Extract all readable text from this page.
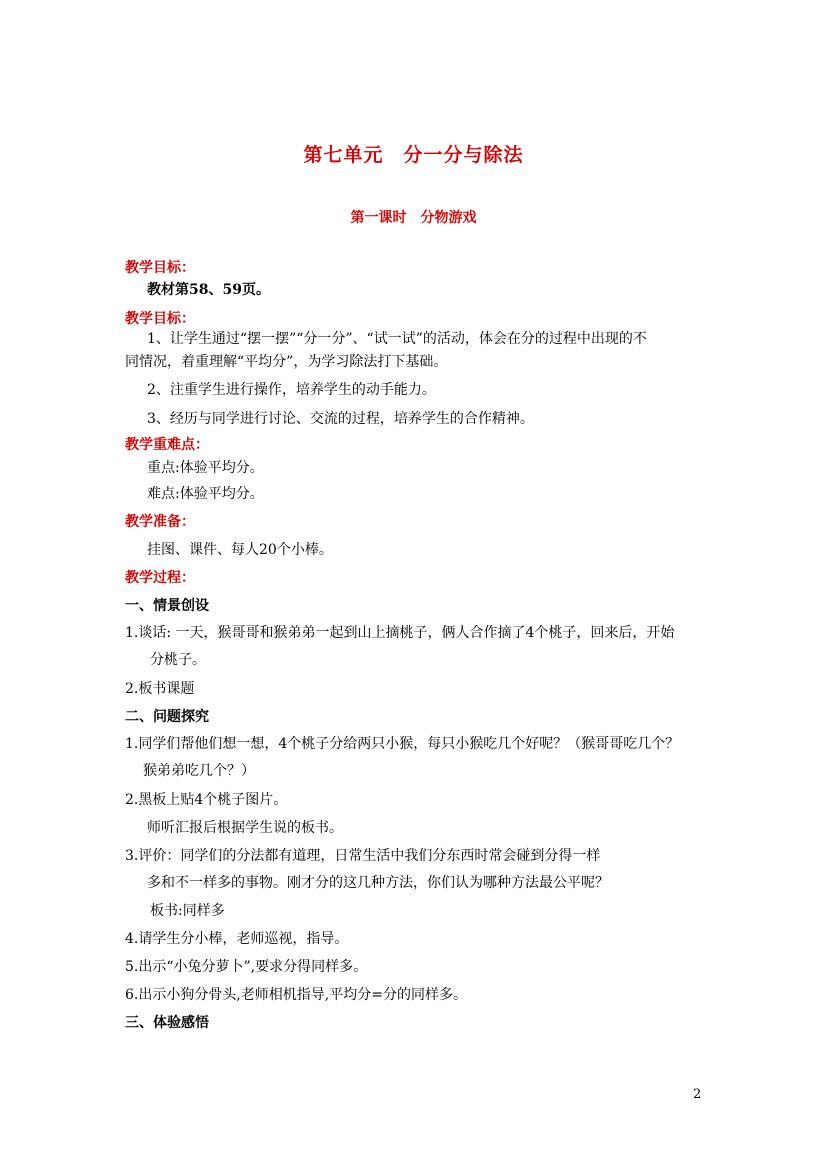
第七单元　分一分与除法
第一课时　分物游戏
教学目标：
教材第58、59页。
教学目标：
1、让学生通过“摆一摆”“分一分”、“试一试”的活动，体会在分的过程中出现的不
同情况，着重理解“平均分”，为学习除法打下基础。
2、注重学生进行操作，培养学生的动手能力。
3、经历与同学进行讨论、交流的过程，培养学生的合作精神。
教学重难点：
重点:体验平均分。
难点:体验平均分。
教学准备：
挂图、课件、每人20个小棒。
教学过程：
一、情景创设
1.谈话: 一天，猴哥哥和猴弟弟一起到山上摘桃子，俩人合作摘了4个桃子，回来后，开始
分桃子。
2.板书课题
二、问题探究
1.同学们帮他们想一想，4个桃子分给两只小猴，每只小猴吃几个好呢？（猴哥哥吃几个？
猴弟弟吃几个？）
2.黑板上贴4个桃子图片。
师听汇报后根据学生说的板书。
3.评价：同学们的分法都有道理，日常生活中我们分东西时常会碰到分得一样
多和不一样多的事物。刚才分的这几种方法，你们认为哪种方法最公平呢？
板书:同样多
4.请学生分小棒，老师巡视，指导。
5.出示“小兔分萝卜”,要求分得同样多。
6.出示小狗分骨头,老师相机指导,平均分=分的同样多。
三、体验感悟
2
